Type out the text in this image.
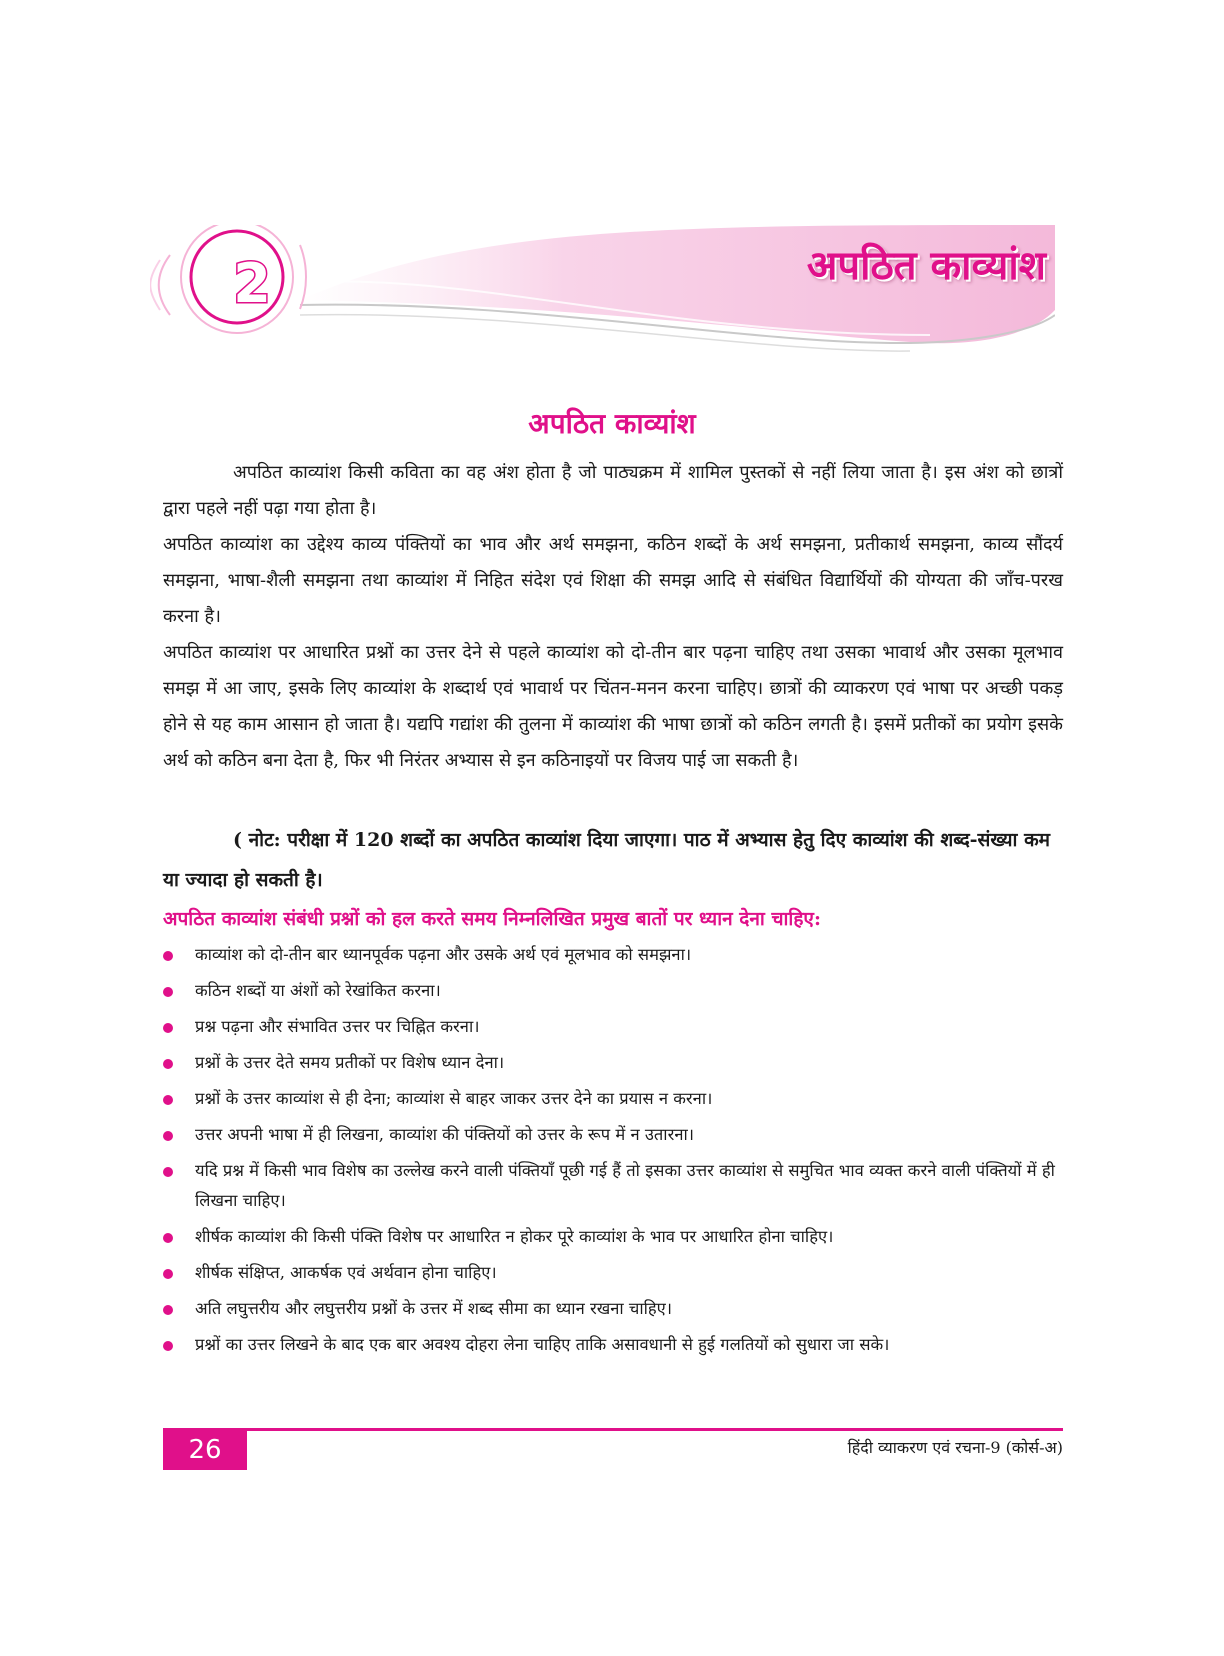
2	अपठित काव्यांश
अपठित काव्यांश

अपठित काव्यांश किसी कविता का वह अंश होता है जो पाठ्यक्रम में शामिल पुस्तकों से नहीं लिया जाता है। इस अंश को छात्रों द्वारा पहले नहीं पढ़ा गया होता है।

अपठित काव्यांश का उद्देश्य काव्य पंक्तियों का भाव और अर्थ समझना, कठिन शब्दों के अर्थ समझना, प्रतीकार्थ समझना, काव्य सौंदर्य समझना, भाषा-शैली समझना तथा काव्यांश में निहित संदेश एवं शिक्षा की समझ आदि से संबंधित विद्यार्थियों की योग्यता की जाँच-परख करना है।

अपठित काव्यांश पर आधारित प्रश्नों का उत्तर देने से पहले काव्यांश को दो-तीन बार पढ़ना चाहिए तथा उसका भावार्थ और उसका मूलभाव समझ में आ जाए, इसके लिए काव्यांश के शब्दार्थ एवं भावार्थ पर चिंतन-मनन करना चाहिए। छात्रों की व्याकरण एवं भाषा पर अच्छी पकड़ होने से यह काम आसान हो जाता है। यद्यपि गद्यांश की तुलना में काव्यांश की भाषा छात्रों को कठिन लगती है। इसमें प्रतीकों का प्रयोग इसके अर्थ को कठिन बना देता है, फिर भी निरंतर अभ्यास से इन कठिनाइयों पर विजय पाई जा सकती है।

( नोट: परीक्षा में 120 शब्दों का अपठित काव्यांश दिया जाएगा। पाठ में अभ्यास हेतु दिए काव्यांश की शब्द-संख्या कम या ज्यादा हो सकती है।

अपठित काव्यांश संबंधी प्रश्नों को हल करते समय निम्नलिखित प्रमुख बातों पर ध्यान देना चाहिए:
काव्यांश को दो-तीन बार ध्यानपूर्वक पढ़ना और उसके अर्थ एवं मूलभाव को समझना।
कठिन शब्दों या अंशों को रेखांकित करना।
प्रश्न पढ़ना और संभावित उत्तर पर चिह्नित करना।
प्रश्नों के उत्तर देते समय प्रतीकों पर विशेष ध्यान देना।
प्रश्नों के उत्तर काव्यांश से ही देना; काव्यांश से बाहर जाकर उत्तर देने का प्रयास न करना।
उत्तर अपनी भाषा में ही लिखना, काव्यांश की पंक्तियों को उत्तर के रूप में न उतारना।
यदि प्रश्न में किसी भाव विशेष का उल्लेख करने वाली पंक्तियाँ पूछी गई हैं तो इसका उत्तर काव्यांश से समुचित भाव व्यक्त करने वाली पंक्तियों में ही लिखना चाहिए।
शीर्षक काव्यांश की किसी पंक्ति विशेष पर आधारित न होकर पूरे काव्यांश के भाव पर आधारित होना चाहिए।
शीर्षक संक्षिप्त, आकर्षक एवं अर्थवान होना चाहिए।
अति लघुत्तरीय और लघुत्तरीय प्रश्नों के उत्तर में शब्द सीमा का ध्यान रखना चाहिए।
प्रश्नों का उत्तर लिखने के बाद एक बार अवश्य दोहरा लेना चाहिए ताकि असावधानी से हुई गलतियों को सुधारा जा सके।
26	हिंदी व्याकरण एवं रचना-9 (कोर्स-अ)
